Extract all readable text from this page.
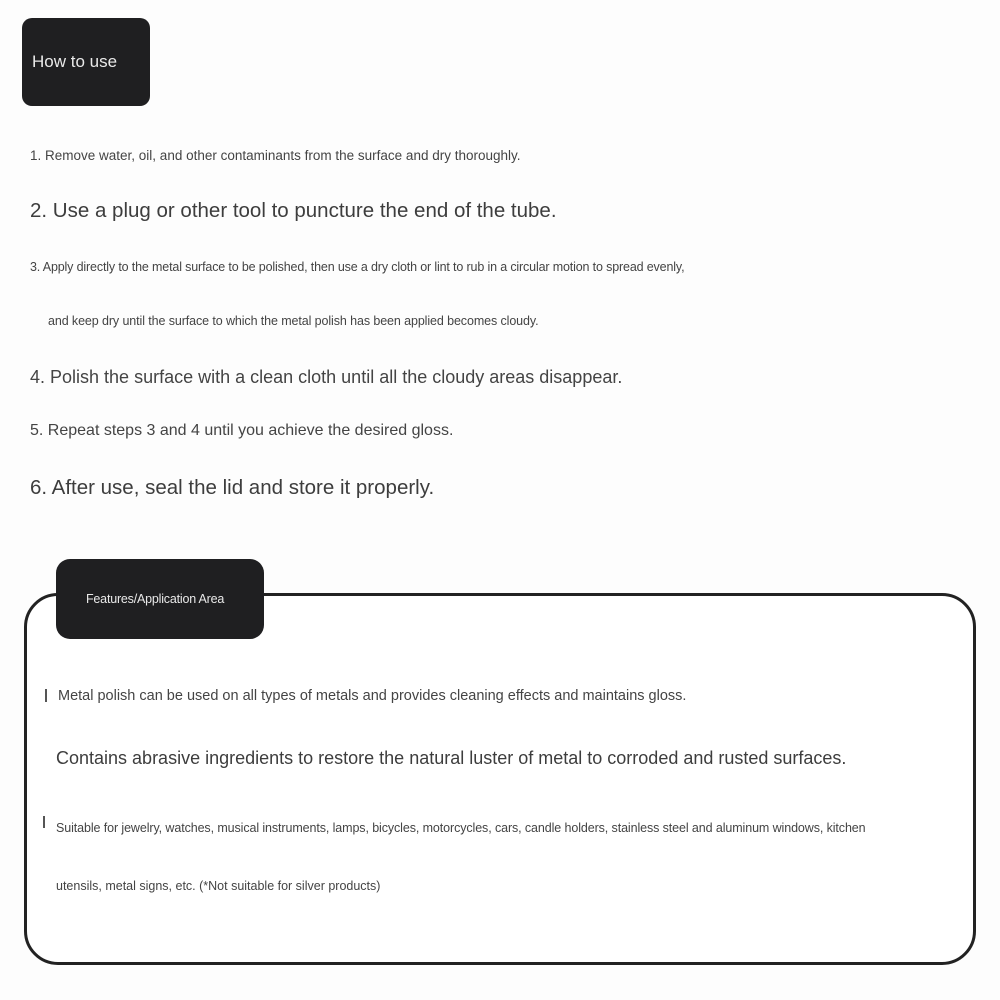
How to use
1. Remove water, oil, and other contaminants from the surface and dry thoroughly.
2. Use a plug or other tool to puncture the end of the tube.
3. Apply directly to the metal surface to be polished, then use a dry cloth or lint to rub in a circular motion to spread evenly,
and keep dry until the surface to which the metal polish has been applied becomes cloudy.
4. Polish the surface with a clean cloth until all the cloudy areas disappear.
5. Repeat steps 3 and 4 until you achieve the desired gloss.
6. After use, seal the lid and store it properly.
Features/Application Area
Metal polish can be used on all types of metals and provides cleaning effects and maintains gloss.
Contains abrasive ingredients to restore the natural luster of metal to corroded and rusted surfaces.
Suitable for jewelry, watches, musical instruments, lamps, bicycles, motorcycles, cars, candle holders, stainless steel and aluminum windows, kitchen
utensils, metal signs, etc. (*Not suitable for silver products)
